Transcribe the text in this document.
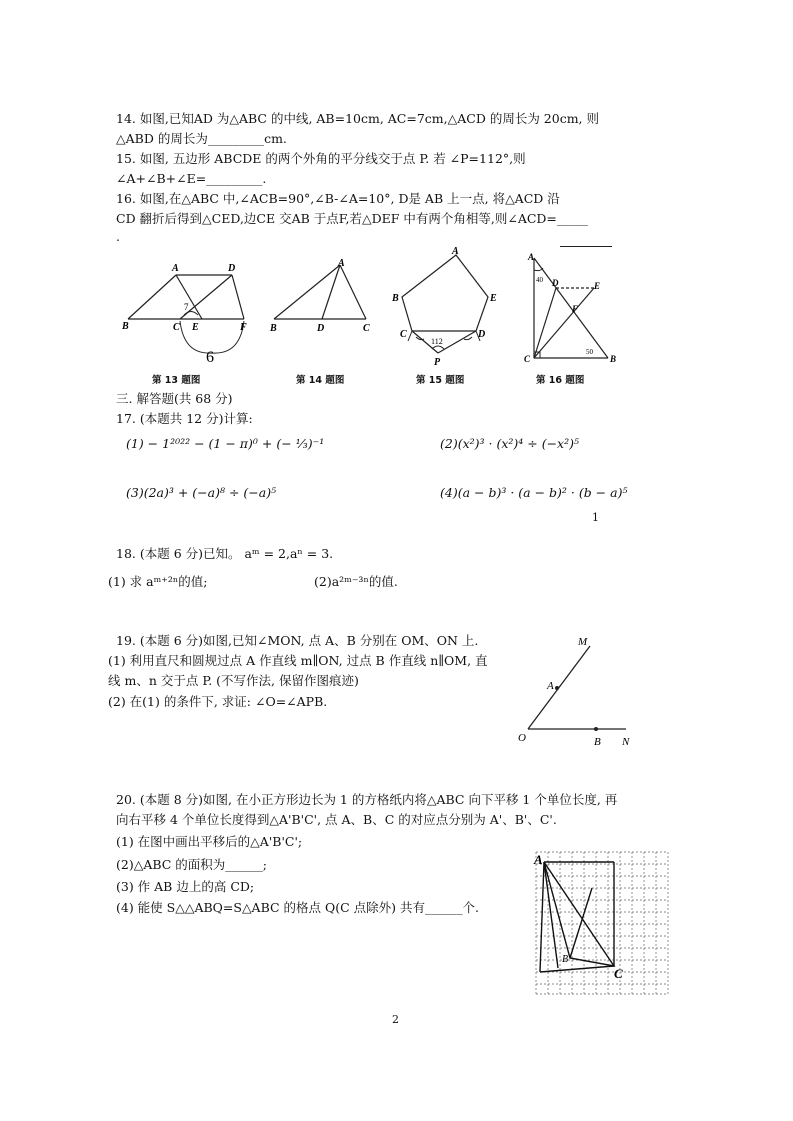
14. 如图,已知AD 为△ABC 的中线, AB=10cm, AC=7cm,△ACD 的周长为 20cm, 则
△ABD 的周长为_________cm.
15. 如图, 五边形 ABCDE 的两个外角的平分线交于点 P. 若 ∠P=112°,则
∠A+∠B+∠E=_________.
16. 如图,在△ABC 中,∠ACB=90°,∠B-∠A=10°, D是 AB 上一点, 将△ACD 沿
CD 翻折后得到△CED,边CE 交AB 于点F,若△DEF 中有两个角相等,则∠ACD=_____
.
A	D
B	C E	F
7
6
第 13 题图
A
B	D	C
第 14 题图
A
B	E
C	D
P
112
第 15 题图
A
D	E
F
C	B
40
50
第 16 题图
三. 解答题(共 68 分)
17. (本题共 12 分)计算:
(1) − 1²⁰²² − (1 − π)⁰ + (− ⅓)⁻¹	(2)(x²)³ · (x²)⁴ ÷ (−x²)⁵
(3)(2a)³ + (−a)⁸ ÷ (−a)⁵	(4)(a − b)³ · (a − b)² · (b − a)⁵
1
18. (本题 6 分)已知。 aᵐ = 2,aⁿ = 3.
(1) 求 aᵐ⁺²ⁿ的值;	(2)a²ᵐ⁻³ⁿ的值.
19. (本题 6 分)如图,已知∠MON, 点 A、B 分别在 OM、ON 上.
(1) 利用直尺和圆规过点 A 作直线 m∥ON, 过点 B 作直线 n∥OM, 直
线 m、n 交于点 P. (不写作法, 保留作图痕迹)
(2) 在(1) 的条件下, 求证: ∠O=∠APB.
M
A
O	B N
20. (本题 8 分)如图, 在小正方形边长为 1 的方格纸内将△ABC 向下平移 1 个单位长度, 再
向右平移 4 个单位长度得到△A'B'C', 点 A、B、C 的对应点分别为 A'、B'、C'.
(1) 在图中画出平移后的△A'B'C';
(2)△ABC 的面积为______;
(3) 作 AB 边上的高 CD;
(4) 能使 S△△ABQ=S△ABC 的格点 Q(C 点除外) 共有______个.
A
C
B
2
